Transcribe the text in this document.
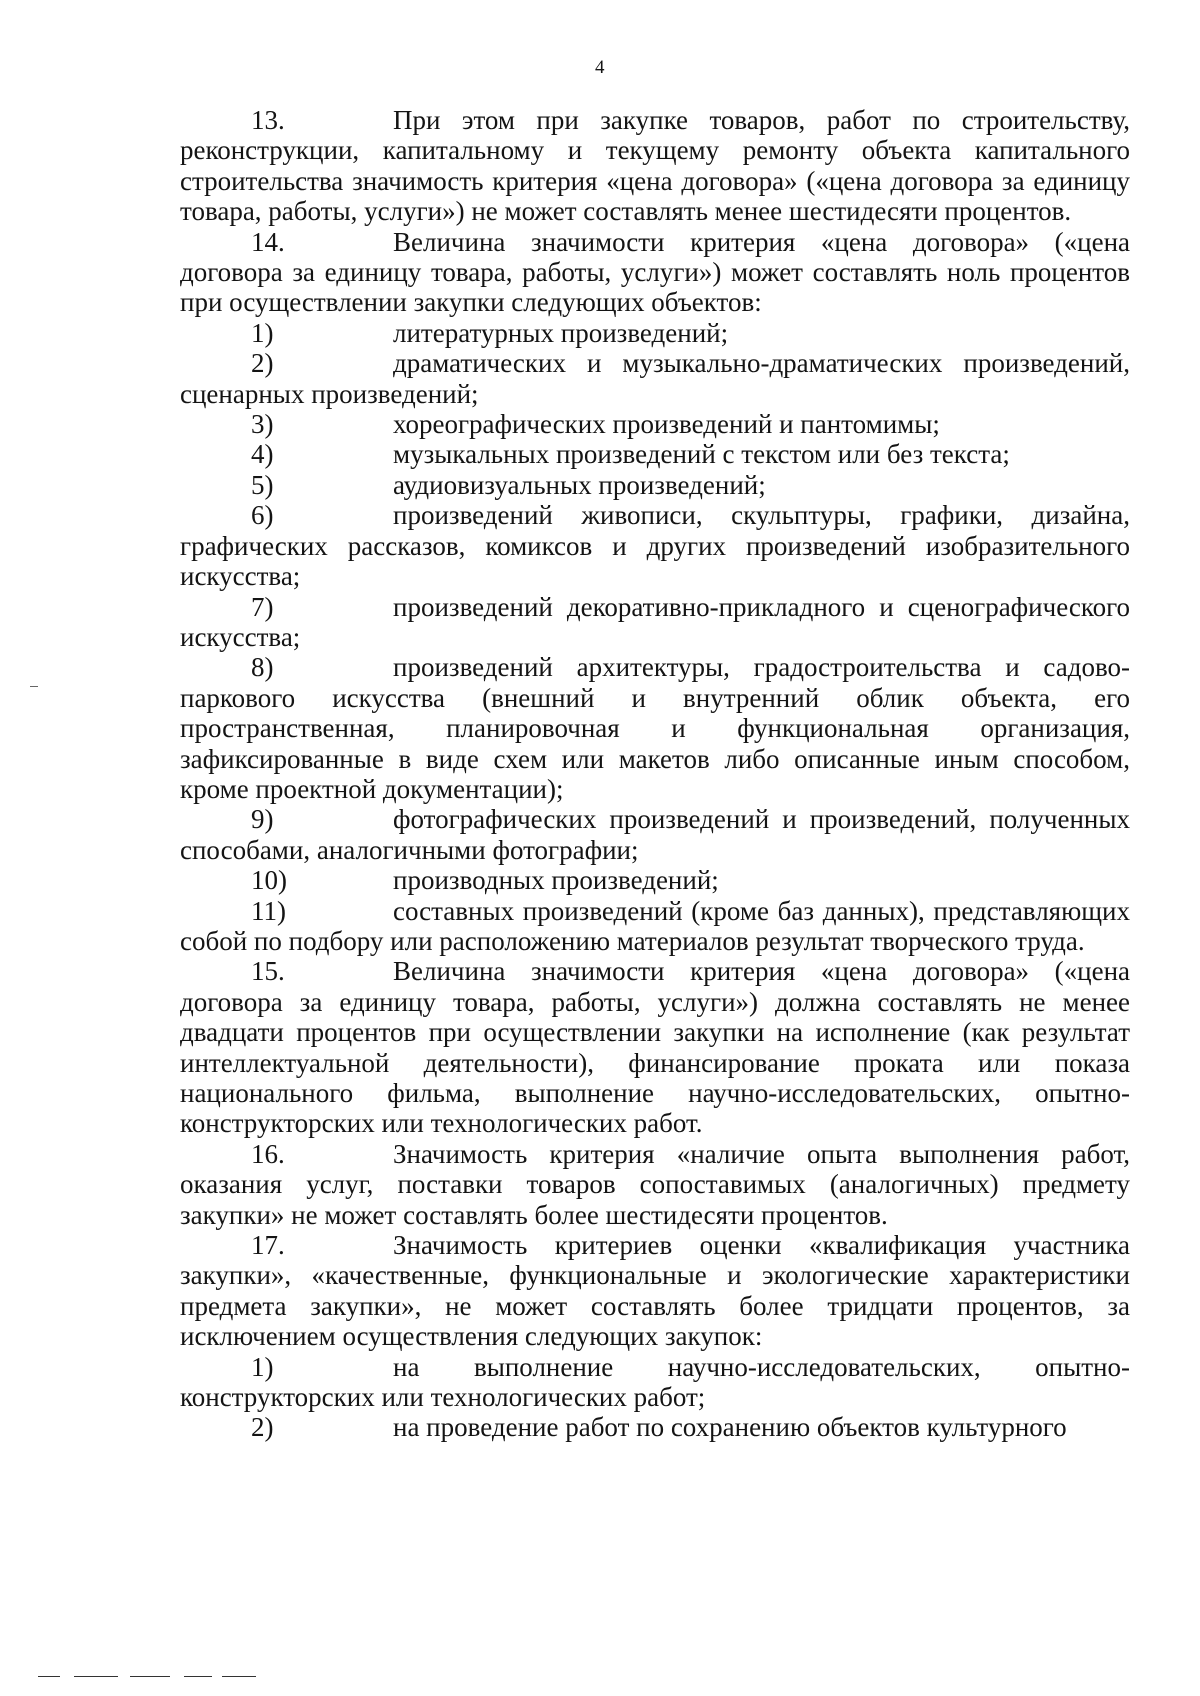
4

13.	При этом при закупке товаров, работ по строительству, реконструкции, капитальному и текущему ремонту объекта капитального строительства значимость критерия «цена договора» («цена договора за единицу товара, работы, услуги») не может составлять менее шестидесяти процентов.

14.	Величина значимости критерия «цена договора» («цена договора за единицу товара, работы, услуги») может составлять ноль процентов при осуществлении закупки следующих объектов:

1)	литературных произведений;

2)	драматических и музыкально-драматических произведений, сценарных произведений;

3)	хореографических произведений и пантомимы;

4)	музыкальных произведений с текстом или без текста;

5)	аудиовизуальных произведений;

6)	произведений живописи, скульптуры, графики, дизайна, графических рассказов, комиксов и других произведений изобразительного искусства;

7)	произведений декоративно-прикладного и сценографического искусства;

8)	произведений архитектуры, градостроительства и садово-паркового искусства (внешний и внутренний облик объекта, его пространственная, планировочная и функциональная организация, зафиксированные в виде схем или макетов либо описанные иным способом, кроме проектной документации);

9)	фотографических произведений и произведений, полученных способами, аналогичными фотографии;

10)	производных произведений;

11)	составных произведений (кроме баз данных), представляющих собой по подбору или расположению материалов результат творческого труда.

15.	Величина значимости критерия «цена договора» («цена договора за единицу товара, работы, услуги») должна составлять не менее двадцати процентов при осуществлении закупки на исполнение (как результат интеллектуальной деятельности), финансирование проката или показа национального фильма, выполнение научно-исследовательских, опытно-конструкторских или технологических работ.

16.	Значимость критерия «наличие опыта выполнения работ, оказания услуг, поставки товаров сопоставимых (аналогичных) предмету закупки» не может составлять более шестидесяти процентов.

17.	Значимость критериев оценки «квалификация участника закупки», «качественные, функциональные и экологические характеристики предмета закупки», не может составлять более тридцати процентов, за исключением осуществления следующих закупок:

1)	на выполнение научно-исследовательских, опытно-конструкторских или технологических работ;

2)	на проведение работ по сохранению объектов культурного
